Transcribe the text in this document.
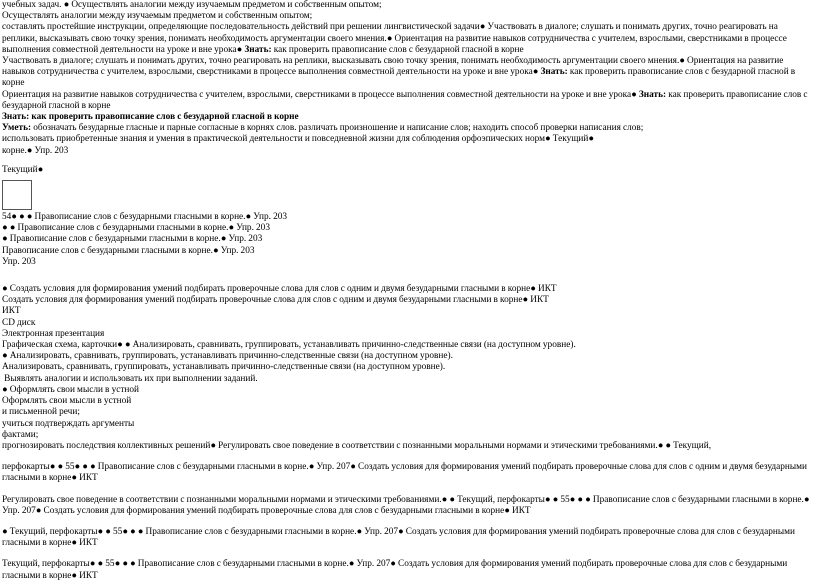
учебных задач. ● Осуществлять аналогии между изучаемым предметом и собственным опытом;

Осуществлять аналогии между изучаемым предметом и собственным опытом;

составлять простейшие инструкции, определяющие последовательность действий при решении лингвистической задачи● Участвовать в диалоге; слушать и понимать других, точно реагировать на реплики, высказывать свою точку зрения, понимать необходимость аргументации своего мнения.● Ориентация на развитие навыков сотрудничества с учителем, взрослыми, сверстниками в процессе выполнения совместной деятельности на уроке и вне урока● Знать: как проверить правописание слов с безударной гласной в корне

Участвовать в диалоге; слушать и понимать других, точно реагировать на реплики, высказывать свою точку зрения, понимать необходимость аргументации своего мнения.● Ориентация на развитие навыков сотрудничества с учителем, взрослыми, сверстниками в процессе выполнения совместной деятельности на уроке и вне урока● Знать: как проверить правописание слов с безударной гласной в корне

Ориентация на развитие навыков сотрудничества с учителем, взрослыми, сверстниками в процессе выполнения совместной деятельности на уроке и вне урока● Знать: как проверить правописание слов с безударной гласной в корне

Знать: как проверить правописание слов с безударной гласной в корне

Уметь: обозначать безударные гласные и парные согласные в корнях слов. различать произношение и написание слов; находить способ проверки написания слов;

использовать приобретенные знания и умения в практической деятельности и повседневной жизни для соблюдения орфоэпических норм● Текущий●

корне.● Упр. 203

Текущий●

54● ● ● Правописание слов с безударными гласными в корне.● Упр. 203

● ● Правописание слов с безударными гласными в корне.● Упр. 203

● Правописание слов с безударными гласными в корне.● Упр. 203

Правописание слов с безударными гласными в корне.● Упр. 203

Упр. 203

● Создать условия для формирования умений подбирать проверочные слова для слов с одним и двумя безударными гласными в корне● ИКТ

Создать условия для формирования умений подбирать проверочные слова для слов с одним и двумя безударными гласными в корне● ИКТ

ИКТ

CD диск

Электронная презентация

Графическая схема, карточки● ● Анализировать, сравнивать, группировать, устанавливать причинно-следственные связи (на доступном уровне).

● Анализировать, сравнивать, группировать, устанавливать причинно-следственные связи (на доступном уровне).

Анализировать, сравнивать, группировать, устанавливать причинно-следственные связи (на доступном уровне).

Выявлять аналогии и использовать их при выполнении заданий.

● Оформлять свои мысли в устной

Оформлять свои мысли в устной

и письменной речи;

учиться подтверждать аргументы

фактами;

прогнозировать последствия коллективных решений● Регулировать свое поведение в соответствии с познанными моральными нормами и этическими требованиями.● ● Текущий,

перфокарты● ● 55● ● ● Правописание слов с безударными гласными в корне.● Упр. 207● Создать условия для формирования умений подбирать проверочные слова для слов с одним и двумя безударными гласными в корне● ИКТ

Регулировать свое поведение в соответствии с познанными моральными нормами и этическими требованиями.● ● Текущий, перфокарты● ● 55● ● ● Правописание слов с безударными гласными в корне.● Упр. 207● Создать условия для формирования умений подбирать проверочные слова для слов с безударными гласными в корне● ИКТ

● Текущий, перфокарты● ● 55● ● ● Правописание слов с безударными гласными в корне.● Упр. 207● Создать условия для формирования умений подбирать проверочные слова для слов с безударными гласными в корне● ИКТ

Текущий, перфокарты● ● 55● ● ● Правописание слов с безударными гласными в корне.● Упр. 207● Создать условия для формирования умений подбирать проверочные слова для слов с безударными гласными в корне● ИКТ
